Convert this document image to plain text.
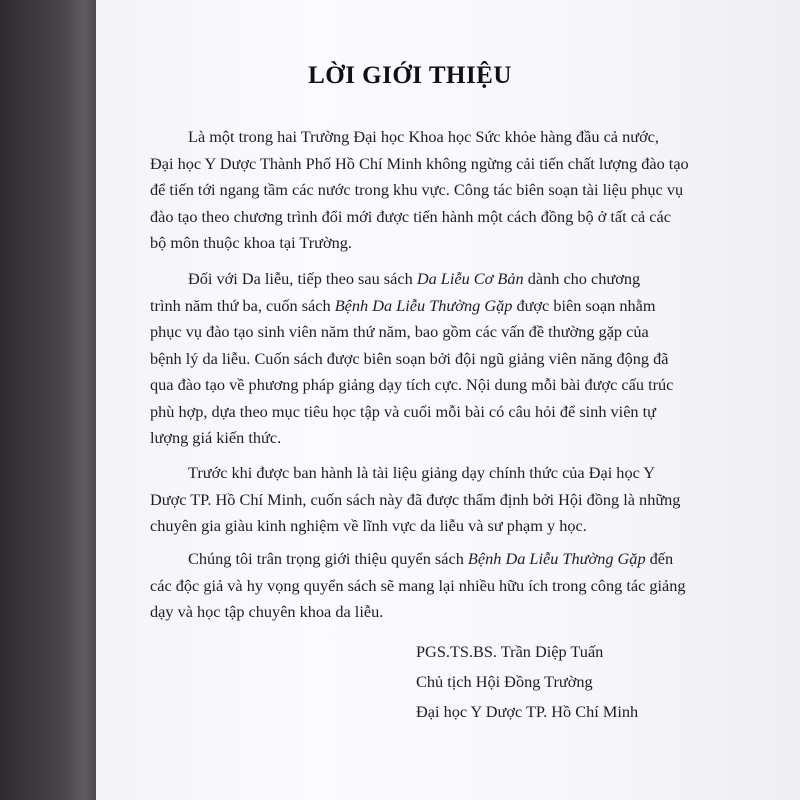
LỜI GIỚI THIỆU
Là một trong hai Trường Đại học Khoa học Sức khỏe hàng đầu cả nước,
Đại học Y Dược Thành Phố Hồ Chí Minh không ngừng cải tiến chất lượng đào tạo
để tiến tới ngang tầm các nước trong khu vực. Công tác biên soạn tài liệu phục vụ
đào tạo theo chương trình đổi mới được tiến hành một cách đồng bộ ở tất cả các
bộ môn thuộc khoa tại Trường.
Đối với Da liễu, tiếp theo sau sách Da Liễu Cơ Bản dành cho chương
trình năm thứ ba, cuốn sách Bệnh Da Liễu Thường Gặp được biên soạn nhằm
phục vụ đào tạo sinh viên năm thứ năm, bao gồm các vấn đề thường gặp của
bệnh lý da liễu. Cuốn sách được biên soạn bởi đội ngũ giảng viên năng động đã
qua đào tạo về phương pháp giảng dạy tích cực. Nội dung mỗi bài được cấu trúc
phù hợp, dựa theo mục tiêu học tập và cuối mỗi bài có câu hỏi để sinh viên tự
lượng giá kiến thức.
Trước khi được ban hành là tài liệu giảng dạy chính thức của Đại học Y
Dược TP. Hồ Chí Minh, cuốn sách này đã được thẩm định bởi Hội đồng là những
chuyên gia giàu kinh nghiệm về lĩnh vực da liễu và sư phạm y học.
Chúng tôi trân trọng giới thiệu quyển sách Bệnh Da Liễu Thường Gặp đến
các độc giả và hy vọng quyển sách sẽ mang lại nhiều hữu ích trong công tác giảng
dạy và học tập chuyên khoa da liễu.
PGS.TS.BS. Trần Diệp Tuấn
Chủ tịch Hội Đồng Trường
Đại học Y Dược TP. Hồ Chí Minh
